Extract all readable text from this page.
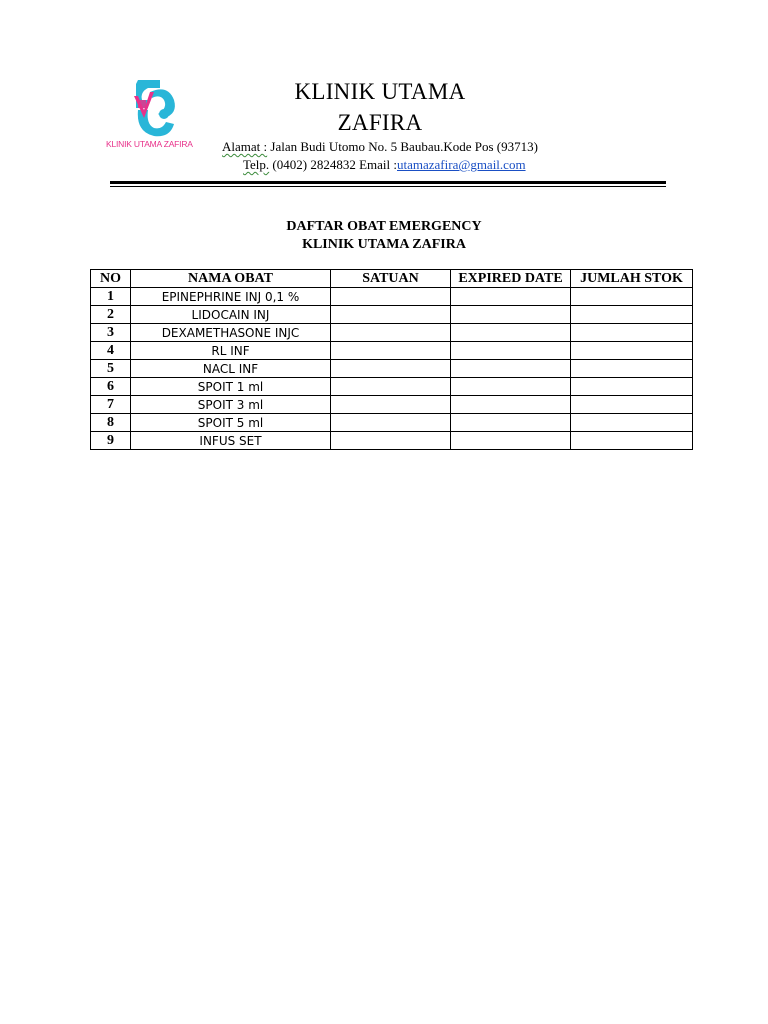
KLINIK UTAMA ZAFIRA
KLINIK UTAMA
ZAFIRA
Alamat : Jalan Budi Utomo No. 5 Baubau.Kode Pos (93713)
Telp. (0402) 2824832 Email :utamazafira@gmail.com
DAFTAR OBAT EMERGENCY
KLINIK UTAMA ZAFIRA
NO	NAMA OBAT	SATUAN	EXPIRED DATE	JUMLAH STOK
1	EPINEPHRINE INJ 0,1 %			
2	LIDOCAIN INJ			
3	DEXAMETHASONE INJC			
4	RL INF			
5	NACL INF			
6	SPOIT 1 ml			
7	SPOIT 3 ml			
8	SPOIT 5 ml			
9	INFUS SET			
